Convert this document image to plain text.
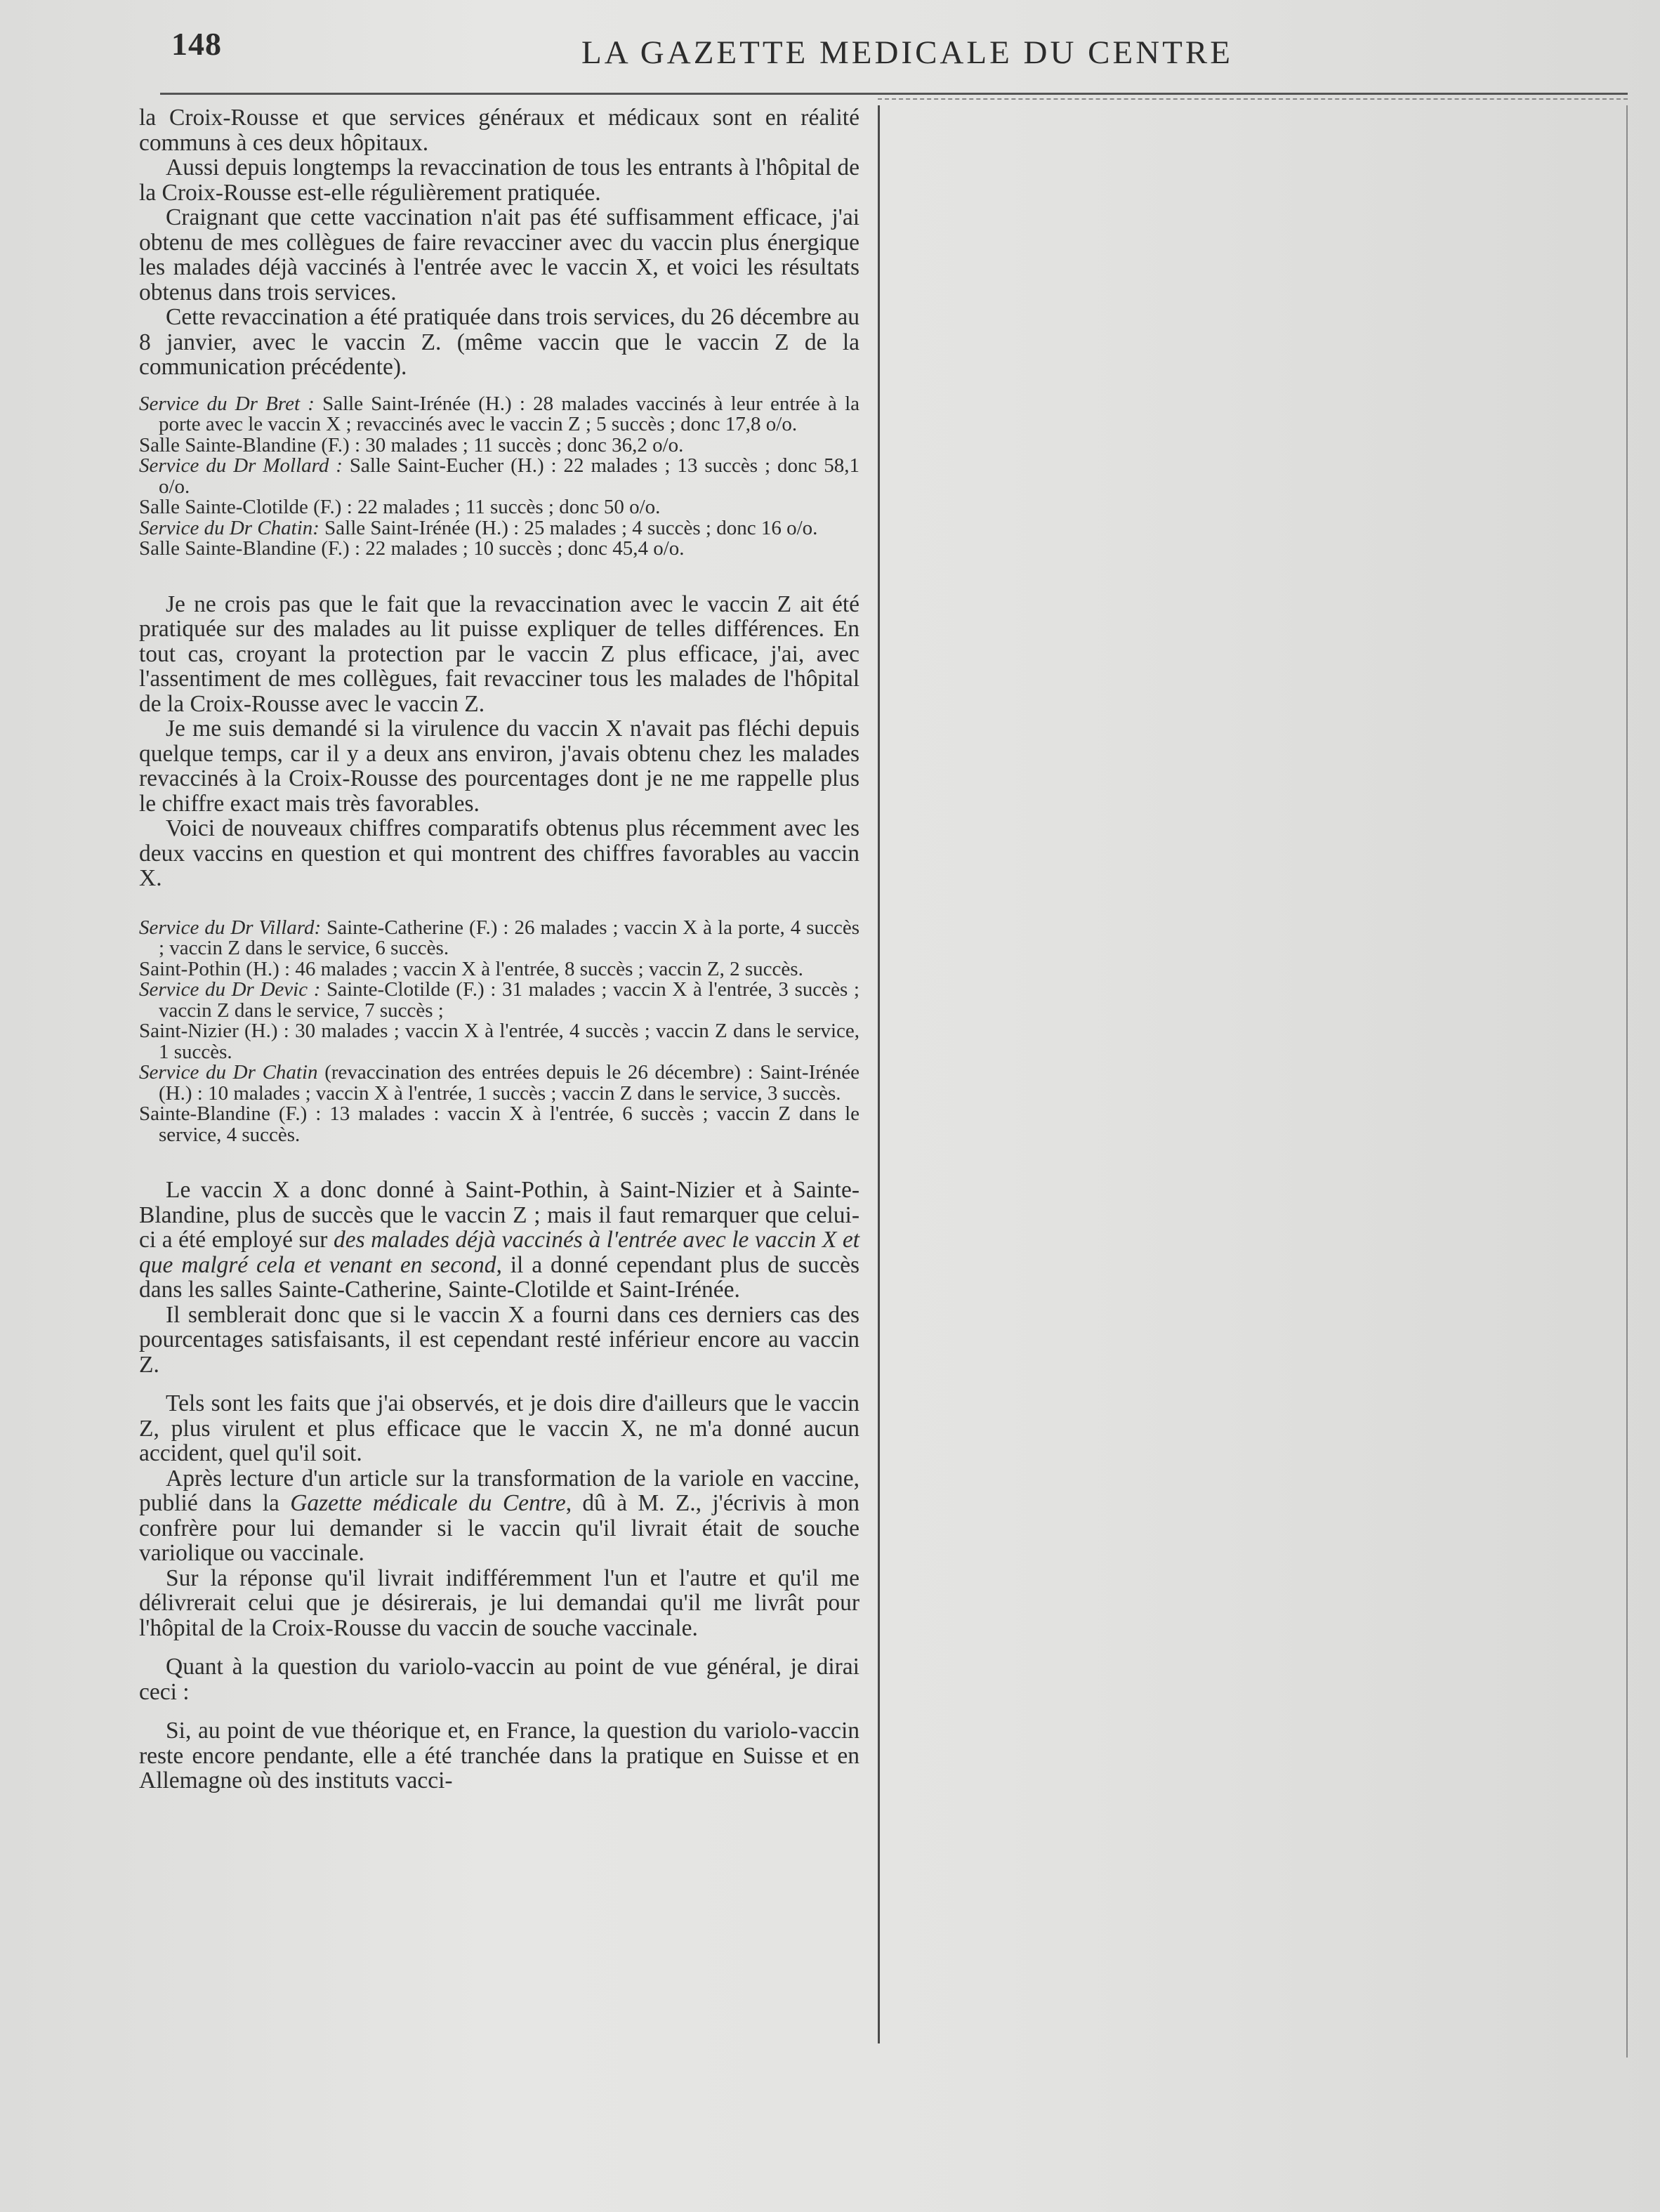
148	LA GAZETTE MEDICALE DU CENTRE

la Croix-Rousse et que services généraux et médicaux sont en réalité communs à ces deux hôpitaux.

Aussi depuis longtemps la revaccination de tous les entrants à l'hôpital de la Croix-Rousse est-elle régulièrement pratiquée.

Craignant que cette vaccination n'ait pas été suffisamment efficace, j'ai obtenu de mes collègues de faire revacciner avec du vaccin plus énergique les malades déjà vaccinés à l'entrée avec le vaccin X, et voici les résultats obtenus dans trois services.

Cette revaccination a été pratiquée dans trois services, du 26 décembre au 8 janvier, avec le vaccin Z. (même vaccin que le vaccin Z de la communication précédente).

Service du Dr Bret : Salle Saint-Irénée (H.) : 28 malades vaccinés à leur entrée à la porte avec le vaccin X ; revaccinés avec le vaccin Z ; 5 succès ; donc 17,8 o/o.

Salle Sainte-Blandine (F.) : 30 malades ; 11 succès ; donc 36,2 o/o.

Service du Dr Mollard : Salle Saint-Eucher (H.) : 22 malades ; 13 succès ; donc 58,1 o/o.

Salle Sainte-Clotilde (F.) : 22 malades ; 11 succès ; donc 50 o/o.

Service du Dr Chatin: Salle Saint-Irénée (H.) : 25 malades ; 4 succès ; donc 16 o/o.

Salle Sainte-Blandine (F.) : 22 malades ; 10 succès ; donc 45,4 o/o.

Je ne crois pas que le fait que la revaccination avec le vaccin Z ait été pratiquée sur des malades au lit puisse expliquer de telles différences. En tout cas, croyant la protection par le vaccin Z plus efficace, j'ai, avec l'assentiment de mes collègues, fait revacciner tous les malades de l'hôpital de la Croix-Rousse avec le vaccin Z.

Je me suis demandé si la virulence du vaccin X n'avait pas fléchi depuis quelque temps, car il y a deux ans environ, j'avais obtenu chez les malades revaccinés à la Croix-Rousse des pourcentages dont je ne me rappelle plus le chiffre exact mais très favorables.

Voici de nouveaux chiffres comparatifs obtenus plus récemment avec les deux vaccins en question et qui montrent des chiffres favorables au vaccin X.

Service du Dr Villard: Sainte-Catherine (F.) : 26 malades ; vaccin X à la porte, 4 succès ; vaccin Z dans le service, 6 succès.

Saint-Pothin (H.) : 46 malades ; vaccin X à l'entrée, 8 succès ; vaccin Z, 2 succès.

Service du Dr Devic : Sainte-Clotilde (F.) : 31 malades ; vaccin X à l'entrée, 3 succès ; vaccin Z dans le service, 7 succès ;

Saint-Nizier (H.) : 30 malades ; vaccin X à l'entrée, 4 succès ; vaccin Z dans le service, 1 succès.

Service du Dr Chatin (revaccination des entrées depuis le 26 décembre) : Saint-Irénée (H.) : 10 malades ; vaccin X à l'entrée, 1 succès ; vaccin Z dans le service, 3 succès.

Sainte-Blandine (F.) : 13 malades : vaccin X à l'entrée, 6 succès ; vaccin Z dans le service, 4 succès.

Le vaccin X a donc donné à Saint-Pothin, à Saint-Nizier et à Sainte-Blandine, plus de succès que le vaccin Z ; mais il faut remarquer que celui-ci a été employé sur des malades déjà vaccinés à l'entrée avec le vaccin X et que malgré cela et venant en second, il a donné cependant plus de succès dans les salles Sainte-Catherine, Sainte-Clotilde et Saint-Irénée.

Il semblerait donc que si le vaccin X a fourni dans ces derniers cas des pourcentages satisfaisants, il est cependant resté inférieur encore au vaccin Z.

Tels sont les faits que j'ai observés, et je dois dire d'ailleurs que le vaccin Z, plus virulent et plus efficace que le vaccin X, ne m'a donné aucun accident, quel qu'il soit.

Après lecture d'un article sur la transformation de la variole en vaccine, publié dans la Gazette médicale du Centre, dû à M. Z., j'écrivis à mon confrère pour lui demander si le vaccin qu'il livrait était de souche variolique ou vaccinale.

Sur la réponse qu'il livrait indifféremment l'un et l'autre et qu'il me délivrerait celui que je désirerais, je lui demandai qu'il me livrât pour l'hôpital de la Croix-Rousse du vaccin de souche vaccinale.

Quant à la question du variolo-vaccin au point de vue général, je dirai ceci :

Si, au point de vue théorique et, en France, la question du variolo-vaccin reste encore pendante, elle a été tranchée dans la pratique en Suisse et en Allemagne où des instituts vacci-
